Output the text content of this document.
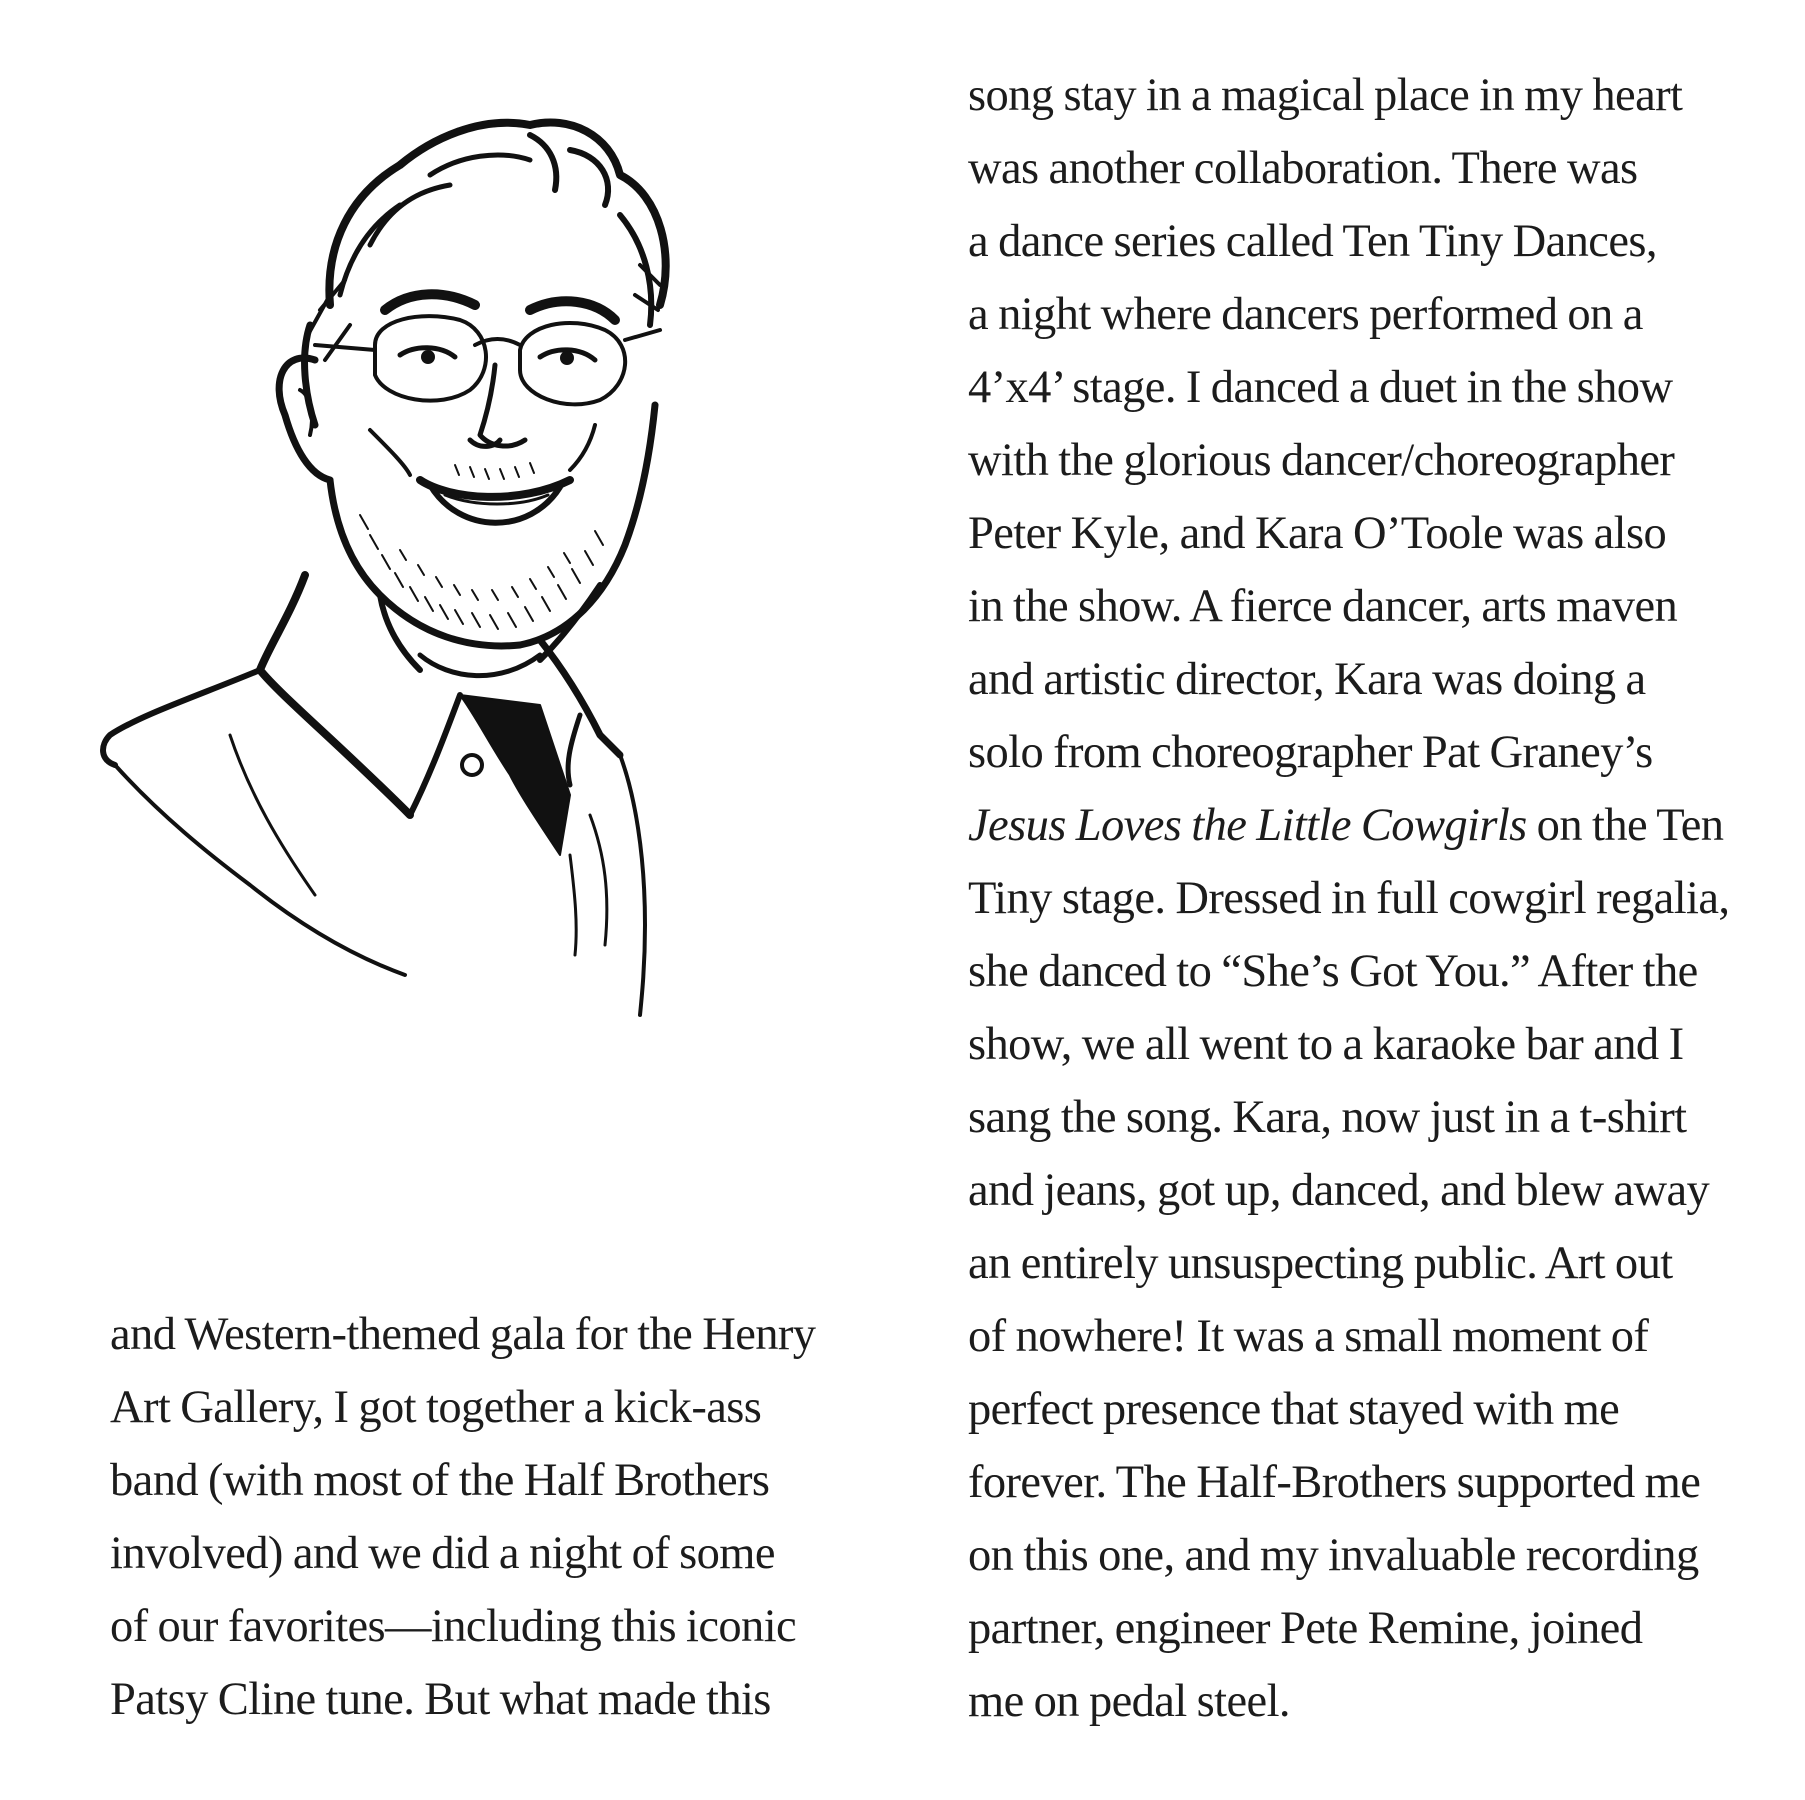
and Western-themed gala for the Henry
Art Gallery, I got together a kick-ass
band (with most of the Half Brothers
involved) and we did a night of some
of our favorites—including this iconic
Patsy Cline tune. But what made this
song stay in a magical place in my heart
was another collaboration. There was
a dance series called Ten Tiny Dances,
a night where dancers performed on a
4’x4’ stage. I danced a duet in the show
with the glorious dancer/choreographer
Peter Kyle, and Kara O’Toole was also
in the show. A fierce dancer, arts maven
and artistic director, Kara was doing a
solo from choreographer Pat Graney’s
Jesus Loves the Little Cowgirls on the Ten
Tiny stage. Dressed in full cowgirl regalia,
she danced to “She’s Got You.” After the
show, we all went to a karaoke bar and I
sang the song. Kara, now just in a t-shirt
and jeans, got up, danced, and blew away
an entirely unsuspecting public. Art out
of nowhere! It was a small moment of
perfect presence that stayed with me
forever. The Half-Brothers supported me
on this one, and my invaluable recording
partner, engineer Pete Remine, joined
me on pedal steel.
